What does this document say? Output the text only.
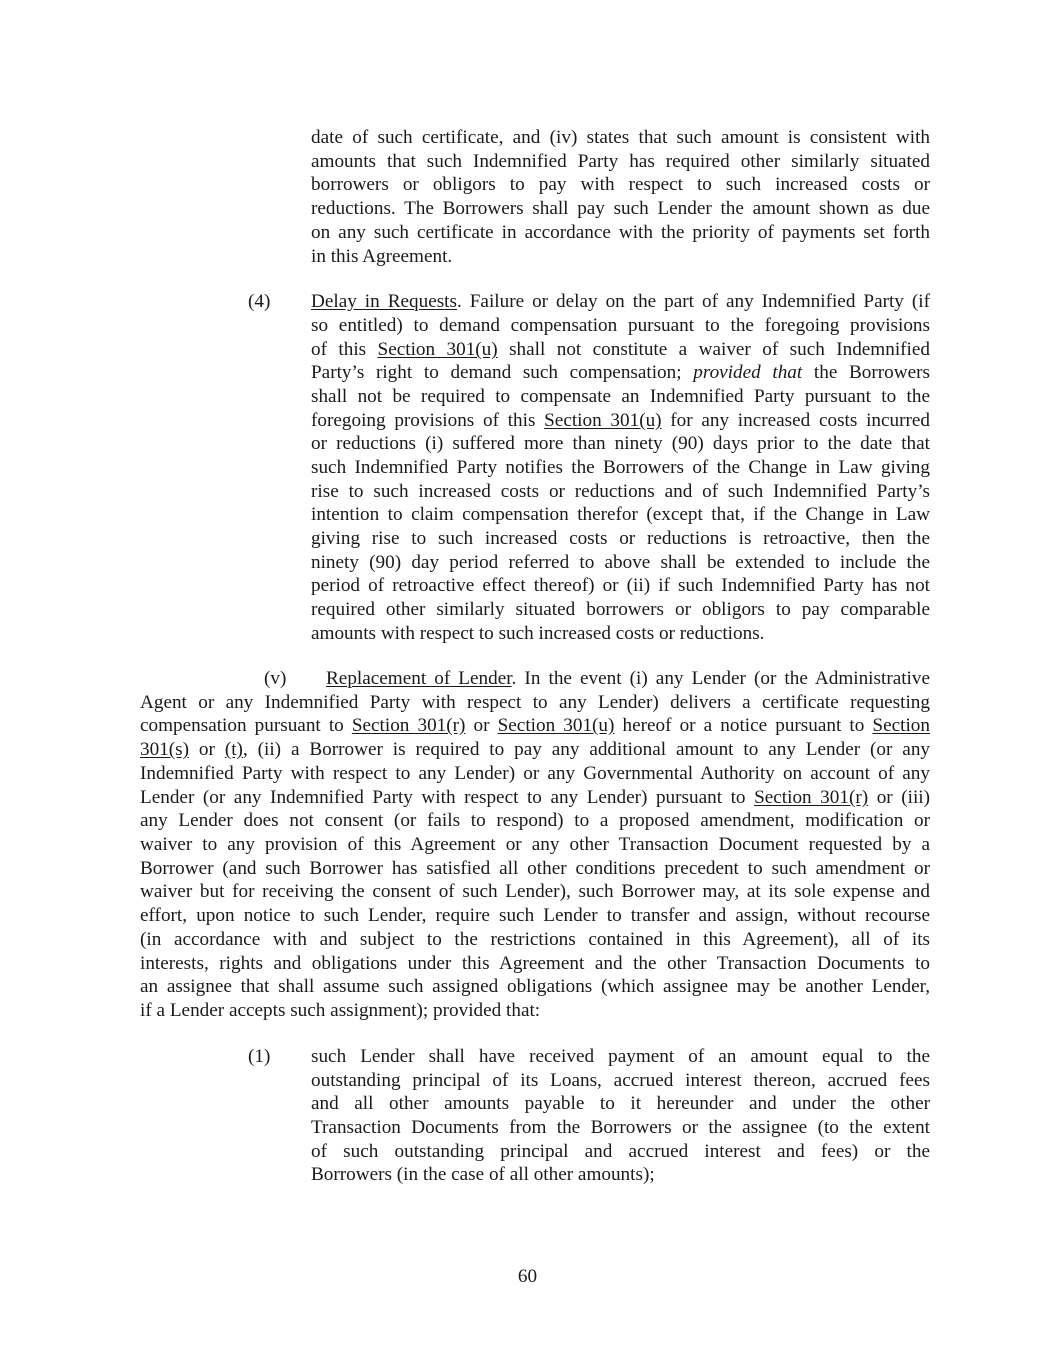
date of such certificate, and (iv) states that such amount is consistent with
amounts that such Indemnified Party has required other similarly situated
borrowers or obligors to pay with respect to such increased costs or
reductions. The Borrowers shall pay such Lender the amount shown as due
on any such certificate in accordance with the priority of payments set forth
in this Agreement.
(4) Delay in Requests. Failure or delay on the part of any Indemnified Party (if
so entitled) to demand compensation pursuant to the foregoing provisions
of this Section 301(u) shall not constitute a waiver of such Indemnified
Party’s right to demand such compensation; provided that the Borrowers
shall not be required to compensate an Indemnified Party pursuant to the
foregoing provisions of this Section 301(u) for any increased costs incurred
or reductions (i) suffered more than ninety (90) days prior to the date that
such Indemnified Party notifies the Borrowers of the Change in Law giving
rise to such increased costs or reductions and of such Indemnified Party’s
intention to claim compensation therefor (except that, if the Change in Law
giving rise to such increased costs or reductions is retroactive, then the
ninety (90) day period referred to above shall be extended to include the
period of retroactive effect thereof) or (ii) if such Indemnified Party has not
required other similarly situated borrowers or obligors to pay comparable
amounts with respect to such increased costs or reductions.
(v) Replacement of Lender. In the event (i) any Lender (or the Administrative
Agent or any Indemnified Party with respect to any Lender) delivers a certificate requesting
compensation pursuant to Section 301(r) or Section 301(u) hereof or a notice pursuant to Section
301(s) or (t), (ii) a Borrower is required to pay any additional amount to any Lender (or any
Indemnified Party with respect to any Lender) or any Governmental Authority on account of any
Lender (or any Indemnified Party with respect to any Lender) pursuant to Section 301(r) or (iii)
any Lender does not consent (or fails to respond) to a proposed amendment, modification or
waiver to any provision of this Agreement or any other Transaction Document requested by a
Borrower (and such Borrower has satisfied all other conditions precedent to such amendment or
waiver but for receiving the consent of such Lender), such Borrower may, at its sole expense and
effort, upon notice to such Lender, require such Lender to transfer and assign, without recourse
(in accordance with and subject to the restrictions contained in this Agreement), all of its
interests, rights and obligations under this Agreement and the other Transaction Documents to
an assignee that shall assume such assigned obligations (which assignee may be another Lender,
if a Lender accepts such assignment); provided that:
(1) such Lender shall have received payment of an amount equal to the
outstanding principal of its Loans, accrued interest thereon, accrued fees
and all other amounts payable to it hereunder and under the other
Transaction Documents from the Borrowers or the assignee (to the extent
of such outstanding principal and accrued interest and fees) or the
Borrowers (in the case of all other amounts);
60
